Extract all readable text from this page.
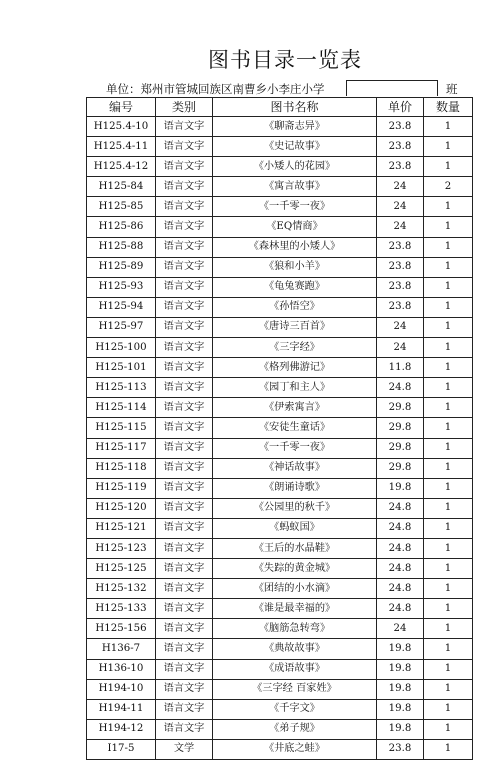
图书目录一览表
单位：郑州市管城回族区南曹乡小李庄小学	班
编号	类别	图书名称	单价	数量
H125.4-10	语言文字	《聊斋志异》	23.8	1
H125.4-11	语言文字	《史记故事》	23.8	1
H125.4-12	语言文字	《小矮人的花园》	23.8	1
H125-84	语言文字	《寓言故事》	24	2
H125-85	语言文字	《一千零一夜》	24	1
H125-86	语言文字	《EQ情商》	24	1
H125-88	语言文字	《森林里的小矮人》	23.8	1
H125-89	语言文字	《狼和小羊》	23.8	1
H125-93	语言文字	《龟兔赛跑》	23.8	1
H125-94	语言文字	《孙悟空》	23.8	1
H125-97	语言文字	《唐诗三百首》	24	1
H125-100	语言文字	《三字经》	24	1
H125-101	语言文字	《格列佛游记》	11.8	1
H125-113	语言文字	《园丁和主人》	24.8	1
H125-114	语言文字	《伊索寓言》	29.8	1
H125-115	语言文字	《安徒生童话》	29.8	1
H125-117	语言文字	《一千零一夜》	29.8	1
H125-118	语言文字	《神话故事》	29.8	1
H125-119	语言文字	《朗诵诗歌》	19.8	1
H125-120	语言文字	《公园里的秋千》	24.8	1
H125-121	语言文字	《蚂蚁国》	24.8	1
H125-123	语言文字	《王后的水晶鞋》	24.8	1
H125-125	语言文字	《失踪的黄金城》	24.8	1
H125-132	语言文字	《团结的小水滴》	24.8	1
H125-133	语言文字	《谁是最幸福的》	24.8	1
H125-156	语言文字	《脑筋急转弯》	24	1
H136-7	语言文字	《典故故事》	19.8	1
H136-10	语言文字	《成语故事》	19.8	1
H194-10	语言文字	《三字经 百家姓》	19.8	1
H194-11	语言文字	《千字文》	19.8	1
H194-12	语言文字	《弟子规》	19.8	1
I17-5	文学	《井底之蛙》	23.8	1
